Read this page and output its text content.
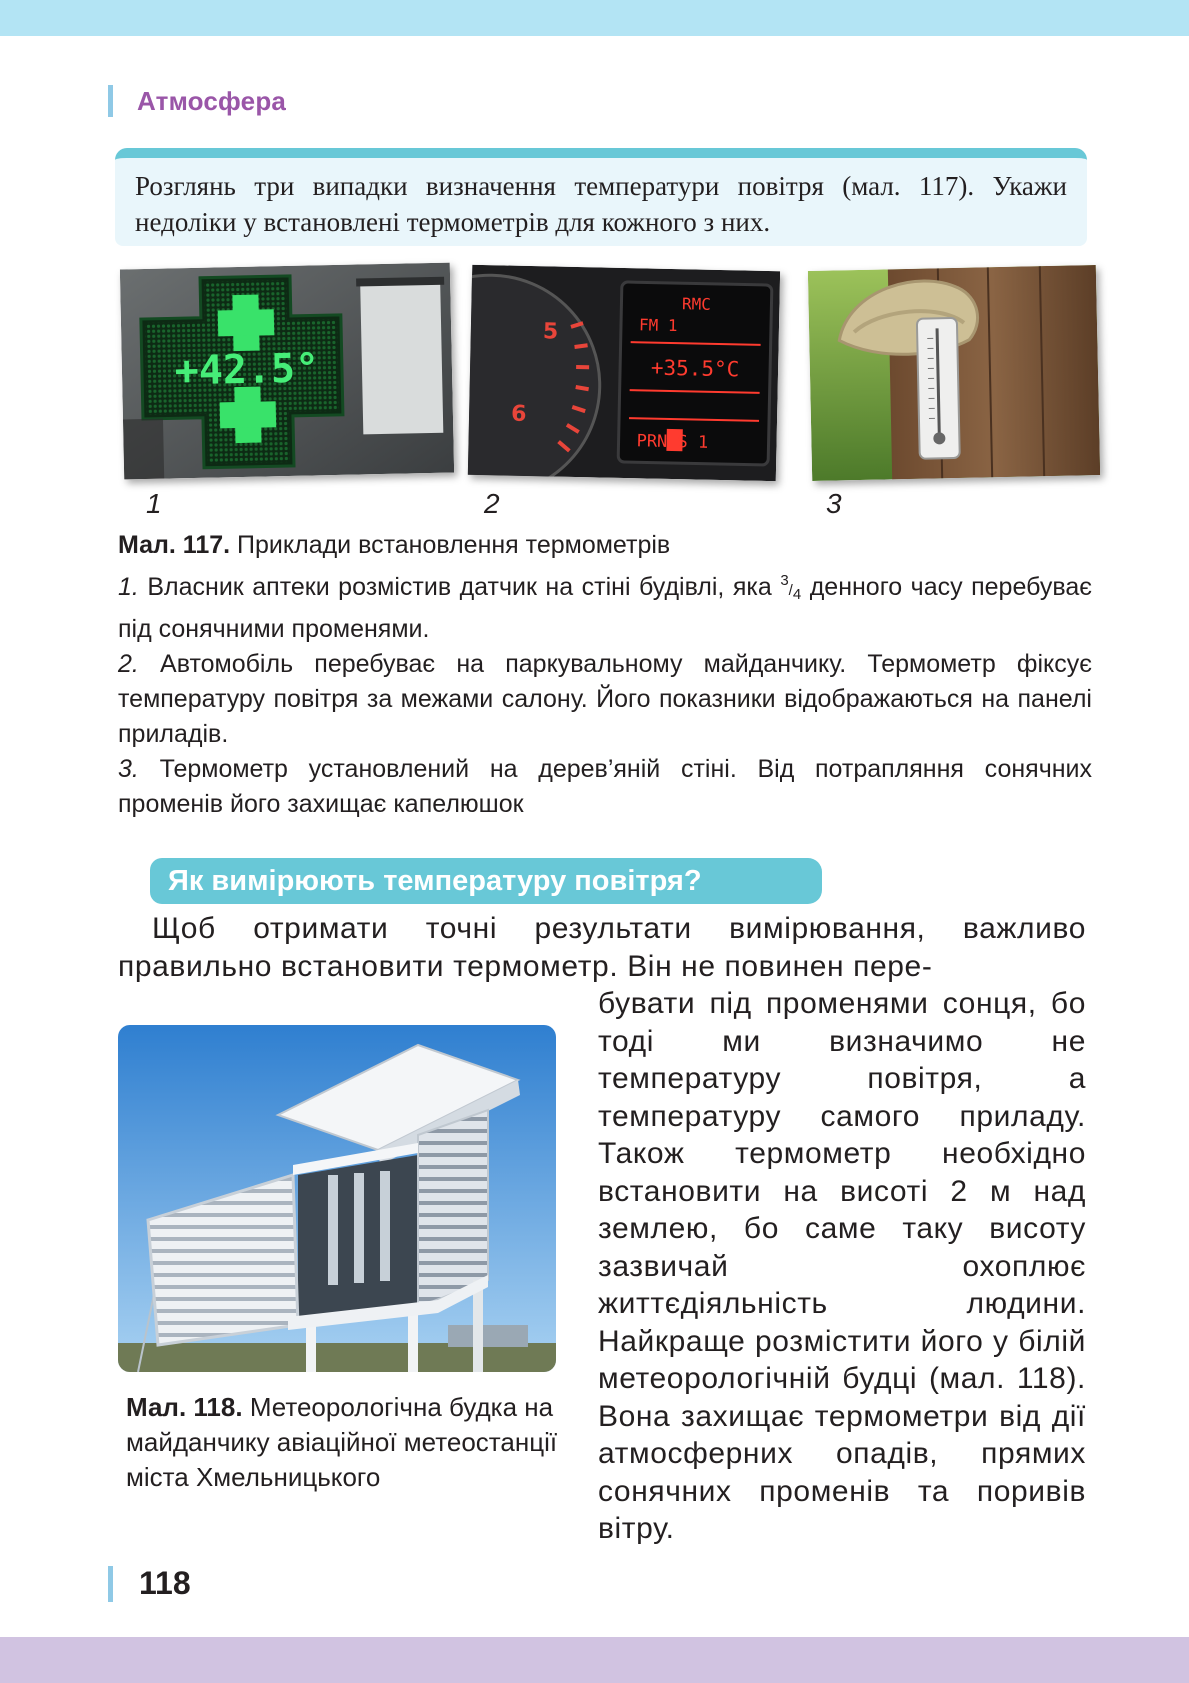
Атмосфера
Розглянь три випадки визначення температури повітря (мал. 117). Укажи недоліки у встановлені термометрів для кожного з них.
+42.5°
5
6
RMC
FM 1
+35.5°C
PRN S 1
1	2	3
Мал. 117. Приклади встановлення термометрів

1. Власник аптеки розмістив датчик на стіні будівлі, яка 3/4 денного часу перебуває під сонячними променями.

2. Автомобіль перебуває на паркувальному майданчику. Термометр фіксує температуру повітря за межами салону. Його показники відображаються на панелі приладів.

3. Термометр установлений на дерев’яній стіні. Від потрапляння сонячних променів його захищає капелюшок

Як вимірюють температуру повітря?

Щоб отримати точні результати вимірювання, важливо правильно встановити термометр. Він не повинен пере-

бувати під променями сонця, бо тоді ми визначимо не температуру повітря, а температуру самого приладу. Також термометр необхідно встановити на висоті 2 м над землею, бо саме таку висоту зазвичай охоплює життєдіяльність людини. Найкраще розмістити його у білій метеорологічній будці (мал. 118). Вона захищає термометри від дії атмосферних опадів, прямих сонячних променів та поривів вітру.

Мал. 118. Метеорологічна будка на майданчику авіаційної метеостанції міста Хмельницького
118
